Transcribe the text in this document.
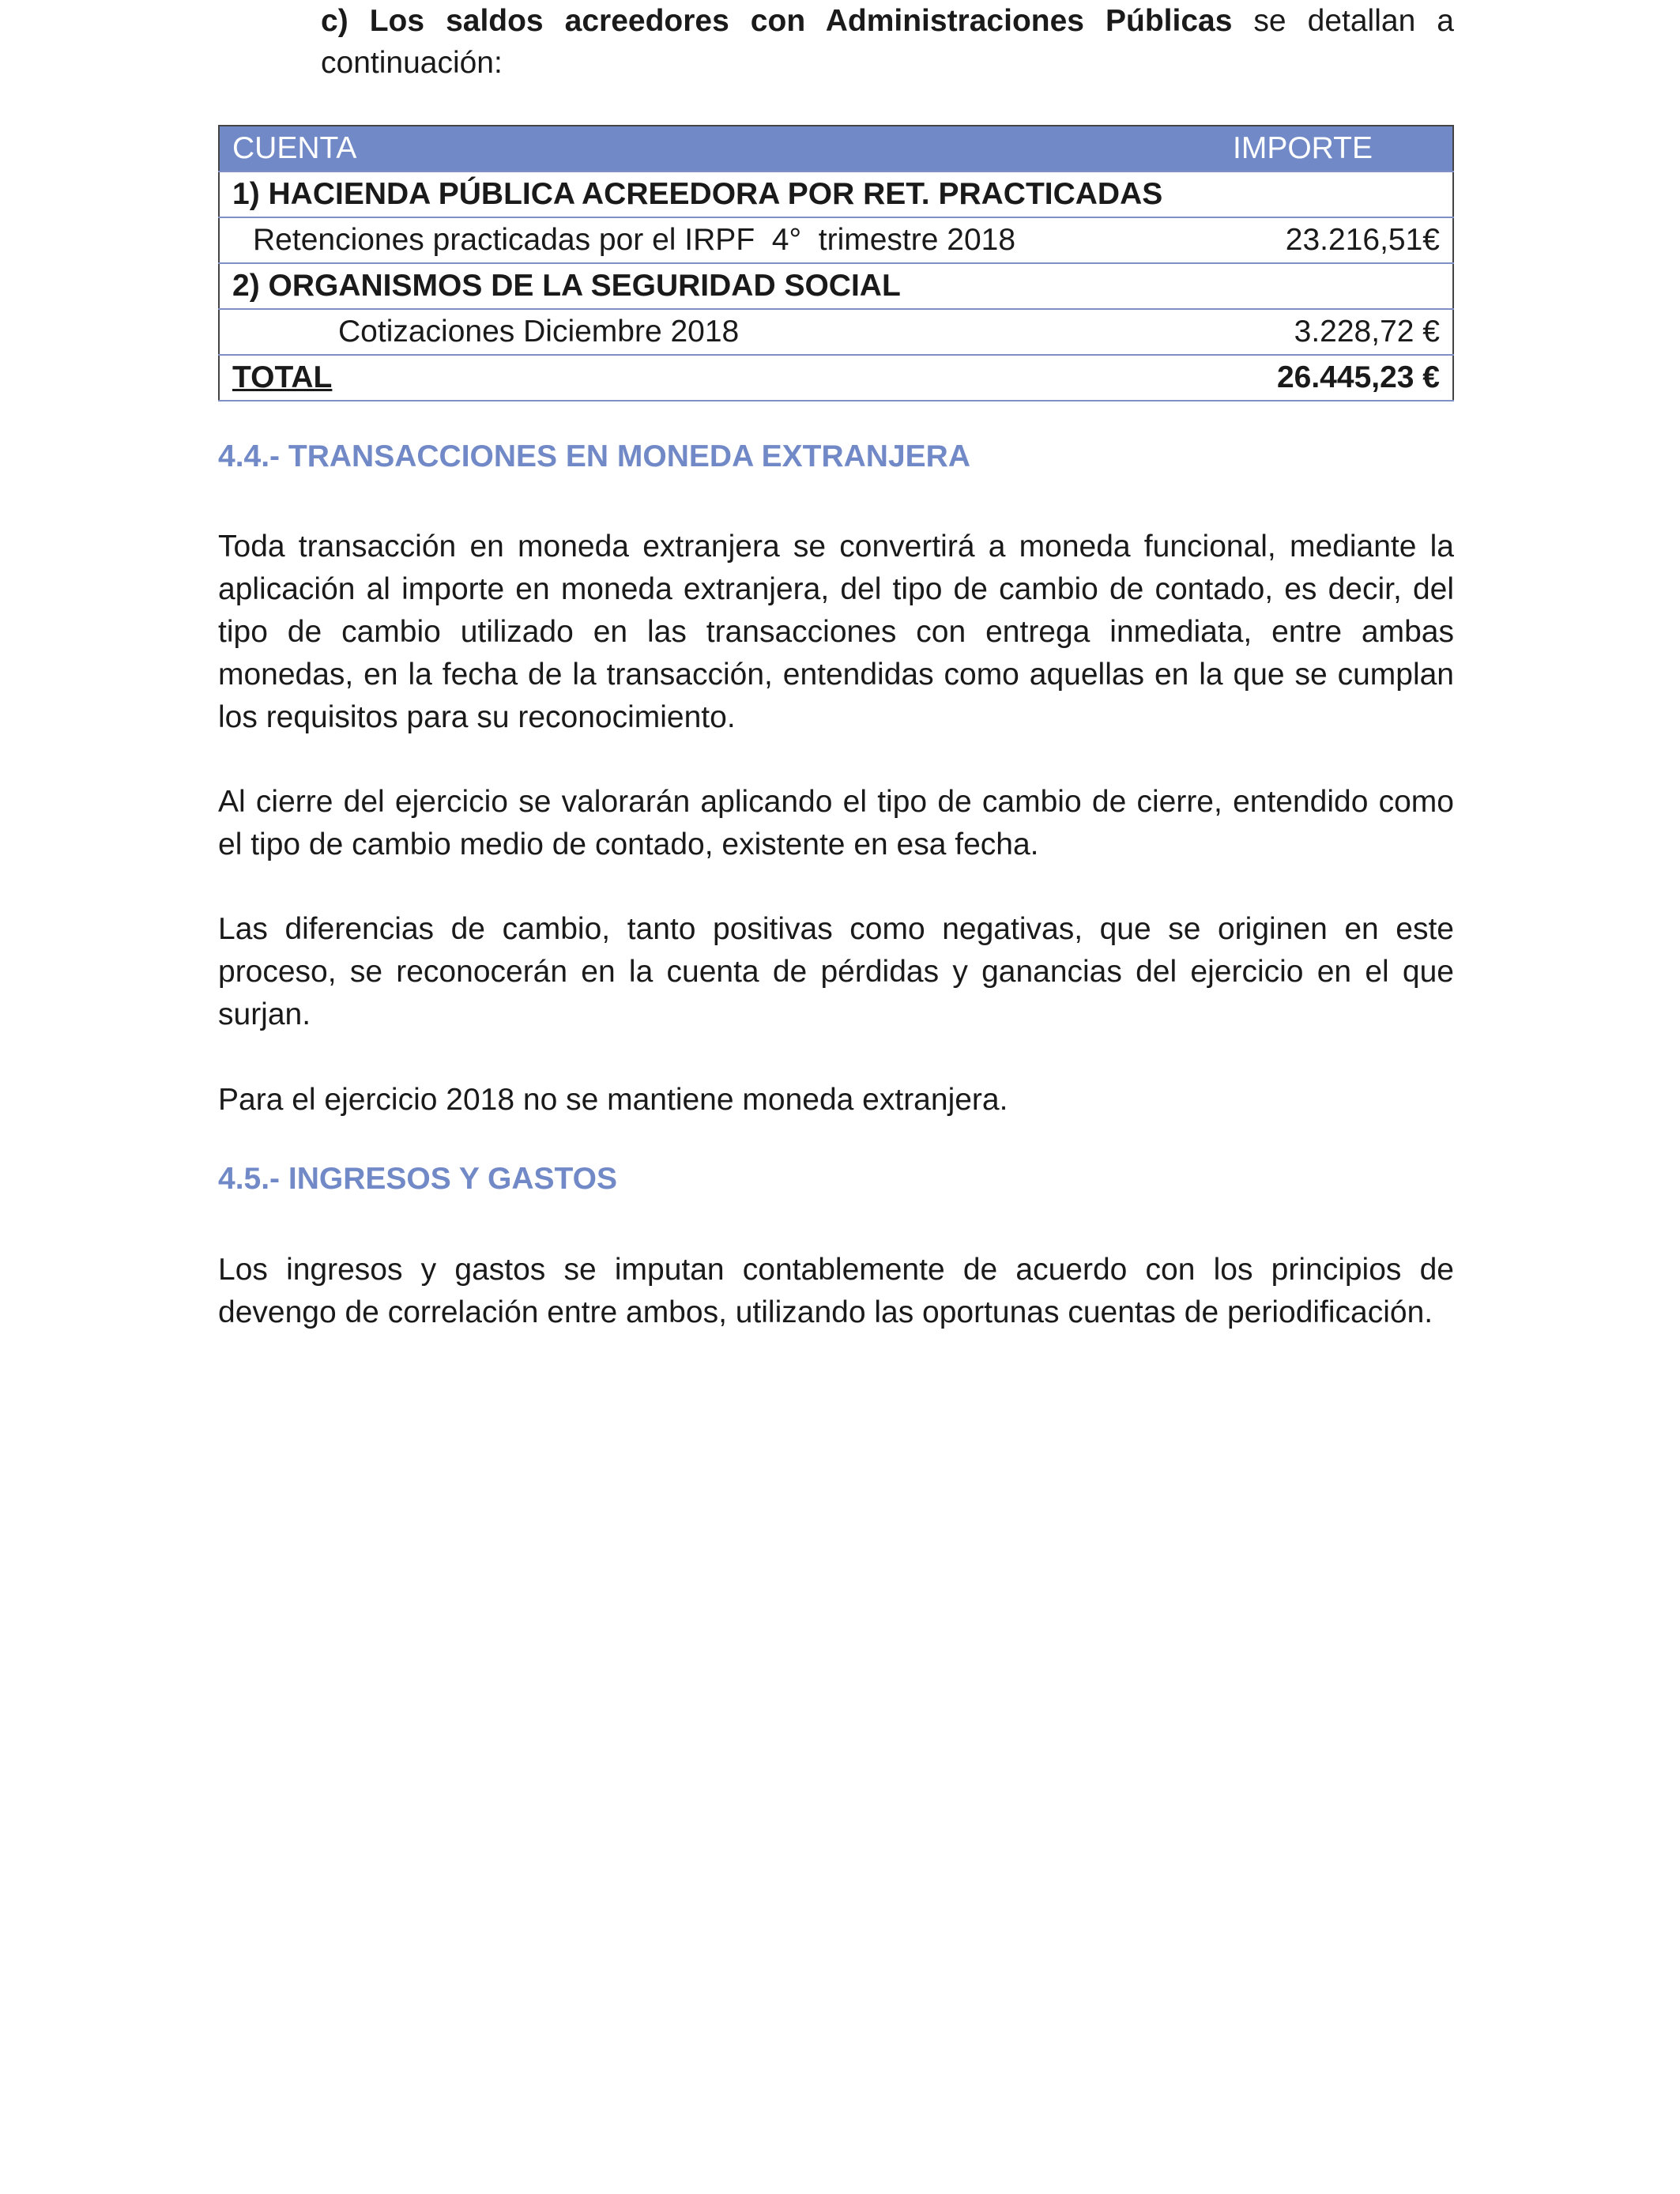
c) Los saldos acreedores con Administraciones Públicas se detallan a continuación:
CUENTA	IMPORTE
1) HACIENDA PÚBLICA ACREEDORA POR RET. PRACTICADAS	
Retenciones practicadas por el IRPF  4°  trimestre 2018	23.216,51€
2) ORGANISMOS DE LA SEGURIDAD SOCIAL	
Cotizaciones Diciembre 2018	3.228,72 €
TOTAL	26.445,23 €
4.4.- TRANSACCIONES EN MONEDA EXTRANJERA
Toda transacción en moneda extranjera se convertirá a moneda funcional, mediante la aplicación al importe en moneda extranjera, del tipo de cambio de contado, es decir, del tipo de cambio utilizado en las transacciones con entrega inmediata, entre ambas monedas, en la fecha de la transacción, entendidas como aquellas en la que se cumplan los requisitos para su reconocimiento.
Al cierre del ejercicio se valorarán aplicando el tipo de cambio de cierre, entendido como el tipo de cambio medio de contado, existente en esa fecha.
Las diferencias de cambio, tanto positivas como negativas, que se originen en este proceso, se reconocerán en la cuenta de pérdidas y ganancias del ejercicio en el que surjan.
Para el ejercicio 2018 no se mantiene moneda extranjera.
4.5.- INGRESOS Y GASTOS
Los ingresos y gastos se imputan contablemente de acuerdo con los principios de devengo de correlación entre ambos, utilizando las oportunas cuentas de periodificación.
